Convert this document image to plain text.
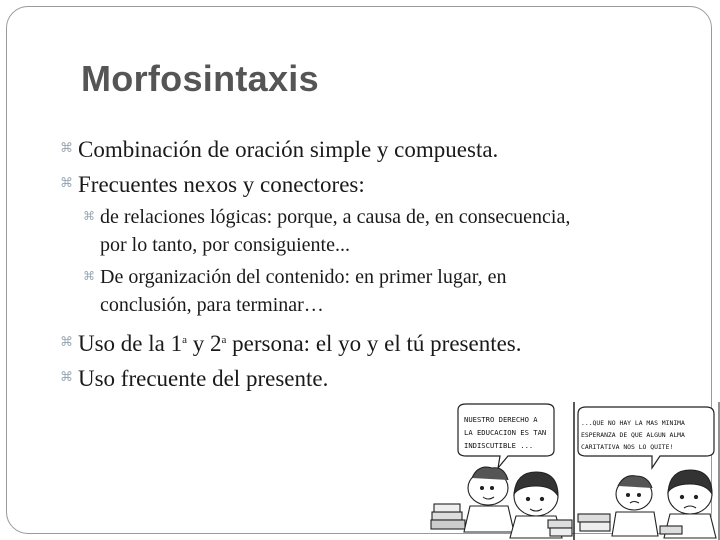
Morfosintaxis
⌘ Combinación de oración simple y compuesta.
⌘ Frecuentes nexos y conectores:
⌘ de relaciones lógicas: porque, a causa de, en consecuencia,
por lo tanto, por consiguiente...
⌘ De organización del contenido: en primer lugar, en
conclusión, para terminar…
⌘ Uso de la 1$^a$ y 2$^a$ persona: el yo y el tú presentes.
⌘ Uso frecuente del presente.
NUESTRO DERECHO A
LA EDUCACION ES TAN
INDISCUTIBLE ...
...QUE NO HAY LA MAS MINIMA
ESPERANZA DE QUE ALGUN ALMA
CARITATIVA NOS LO QUITE!
